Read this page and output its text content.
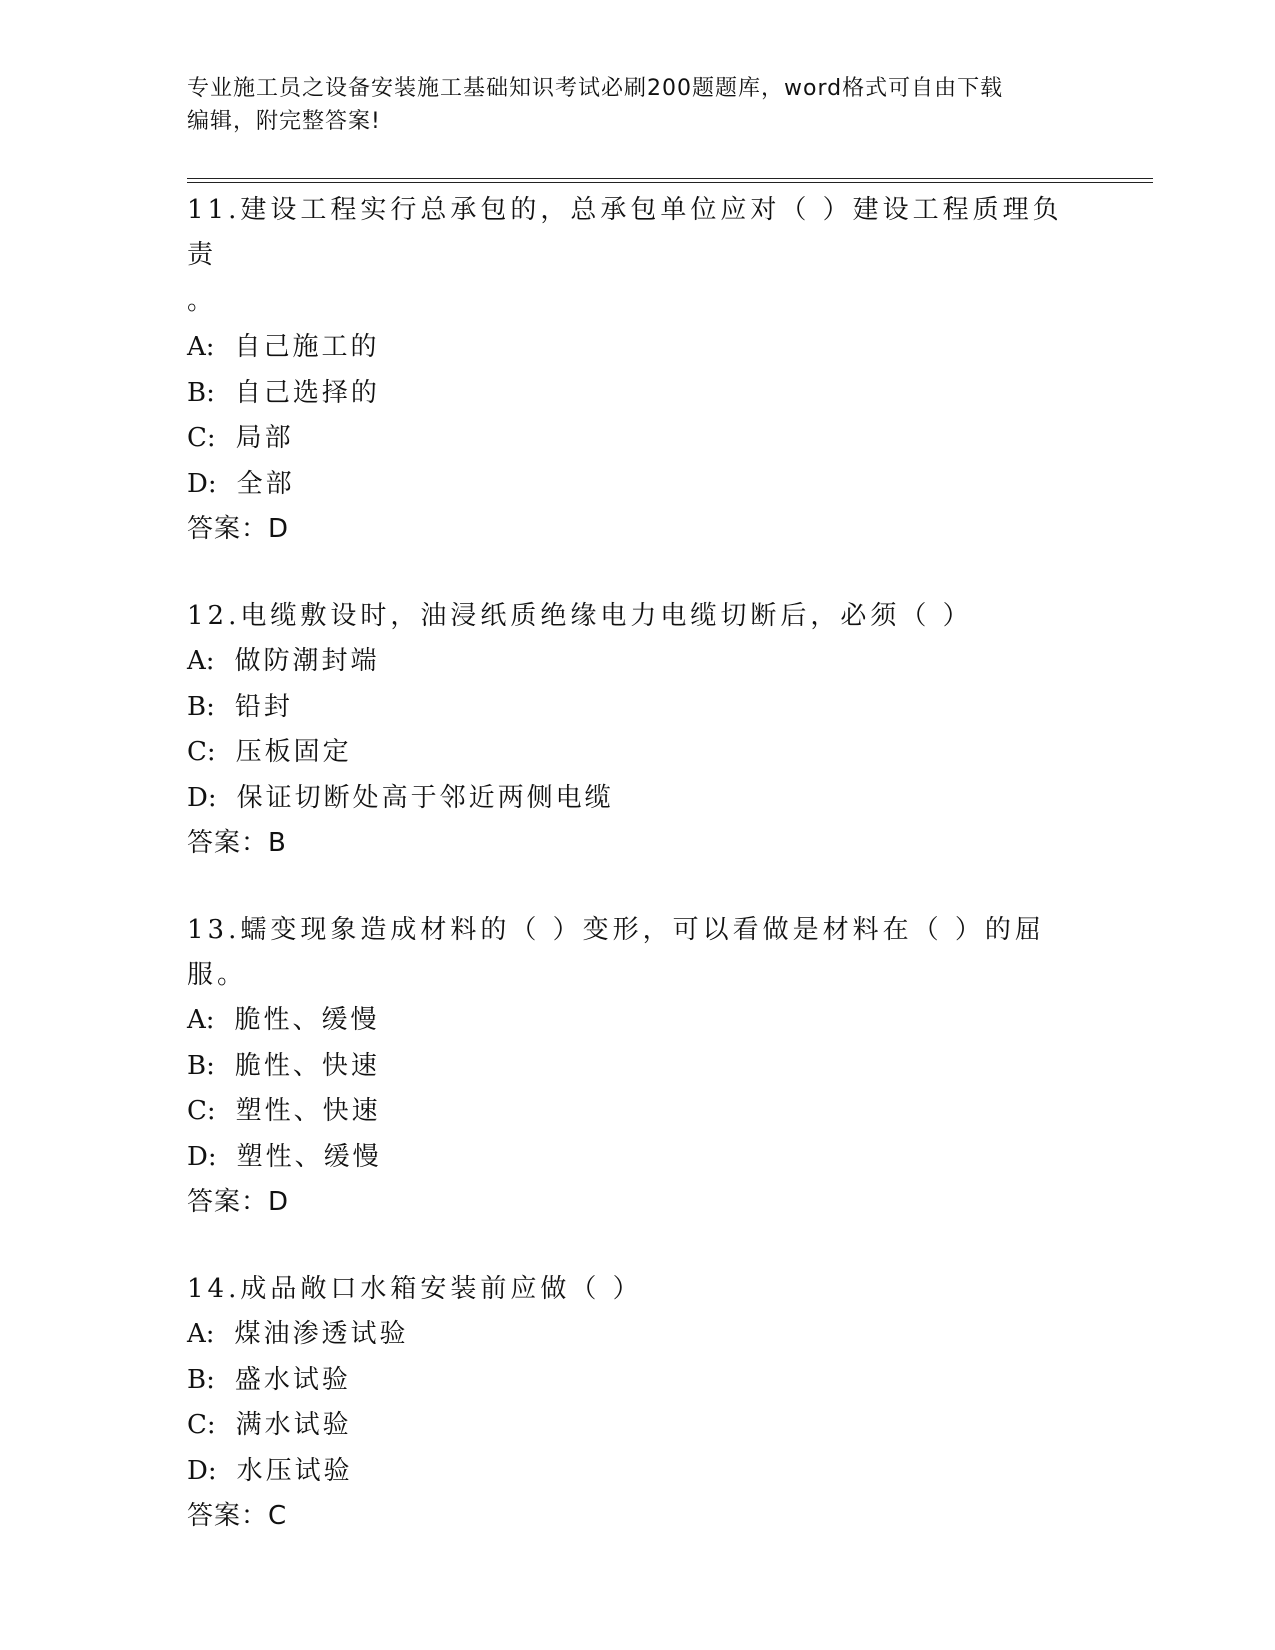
专业施工员之设备安装施工基础知识考试必刷200题题库，word格式可自由下载
编辑，附完整答案!
11.建设工程实行总承包的，总承包单位应对（ ）建设工程质理负责
。
A: 自己施工的
B: 自己选择的
C: 局部
D: 全部
答案：D
12.电缆敷设时，油浸纸质绝缘电力电缆切断后，必须（ ）
A: 做防潮封端
B: 铅封
C: 压板固定
D: 保证切断处高于邻近两侧电缆
答案：B
13.蠕变现象造成材料的（ ）变形，可以看做是材料在（ ）的屈服。
A: 脆性、缓慢
B: 脆性、快速
C: 塑性、快速
D: 塑性、缓慢
答案：D
14.成品敞口水箱安装前应做（ ）
A: 煤油渗透试验
B: 盛水试验
C: 满水试验
D: 水压试验
答案：C
